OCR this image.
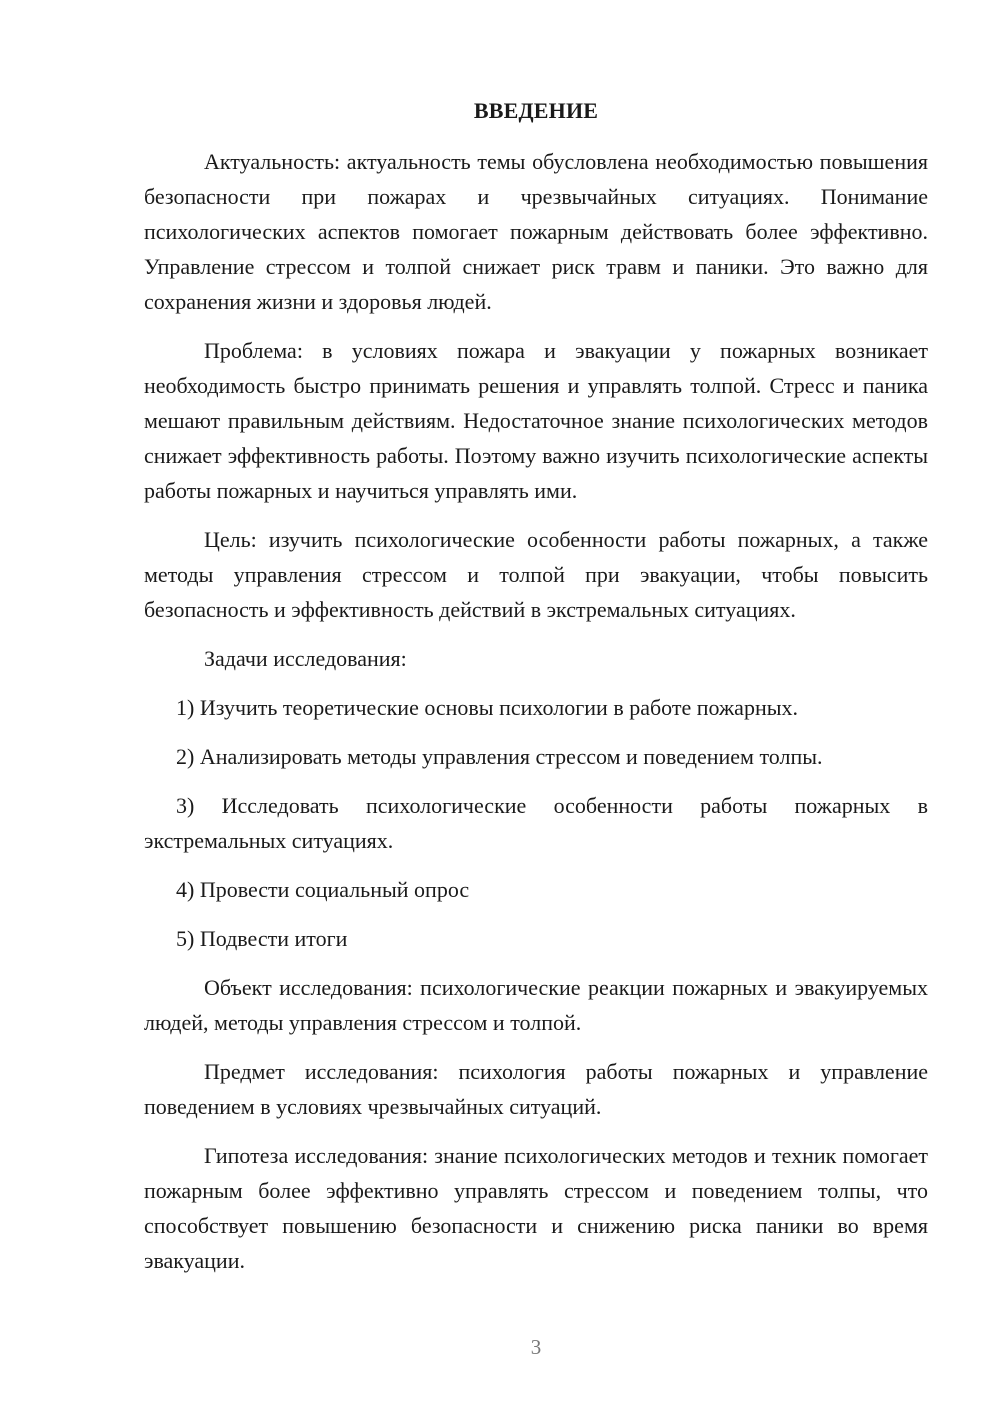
ВВЕДЕНИЕ

Актуальность: актуальность темы обусловлена необходимостью повышения безопасности при пожарах и чрезвычайных ситуациях. Понимание психологических аспектов помогает пожарным действовать более эффективно. Управление стрессом и толпой снижает риск травм и паники. Это важно для сохранения жизни и здоровья людей.

Проблема: в условиях пожара и эвакуации у пожарных возникает необходимость быстро принимать решения и управлять толпой. Стресс и паника мешают правильным действиям. Недостаточное знание психологических методов снижает эффективность работы. Поэтому важно изучить психологические аспекты работы пожарных и научиться управлять ими.

Цель: изучить психологические особенности работы пожарных, а также методы управления стрессом и толпой при эвакуации, чтобы повысить безопасность и эффективность действий в экстремальных ситуациях.

Задачи исследования:

1) Изучить теоретические основы психологии в работе пожарных.

2) Анализировать методы управления стрессом и поведением толпы.

3) Исследовать психологические особенности работы пожарных в экстремальных ситуациях.

4) Провести социальный опрос

5) Подвести итоги

Объект исследования: психологические реакции пожарных и эвакуируемых людей, методы управления стрессом и толпой.

Предмет исследования: психология работы пожарных и управление поведением в условиях чрезвычайных ситуаций.

Гипотеза исследования: знание психологических методов и техник помогает пожарным более эффективно управлять стрессом и поведением толпы, что способствует повышению безопасности и снижению риска паники во время эвакуации.

3
